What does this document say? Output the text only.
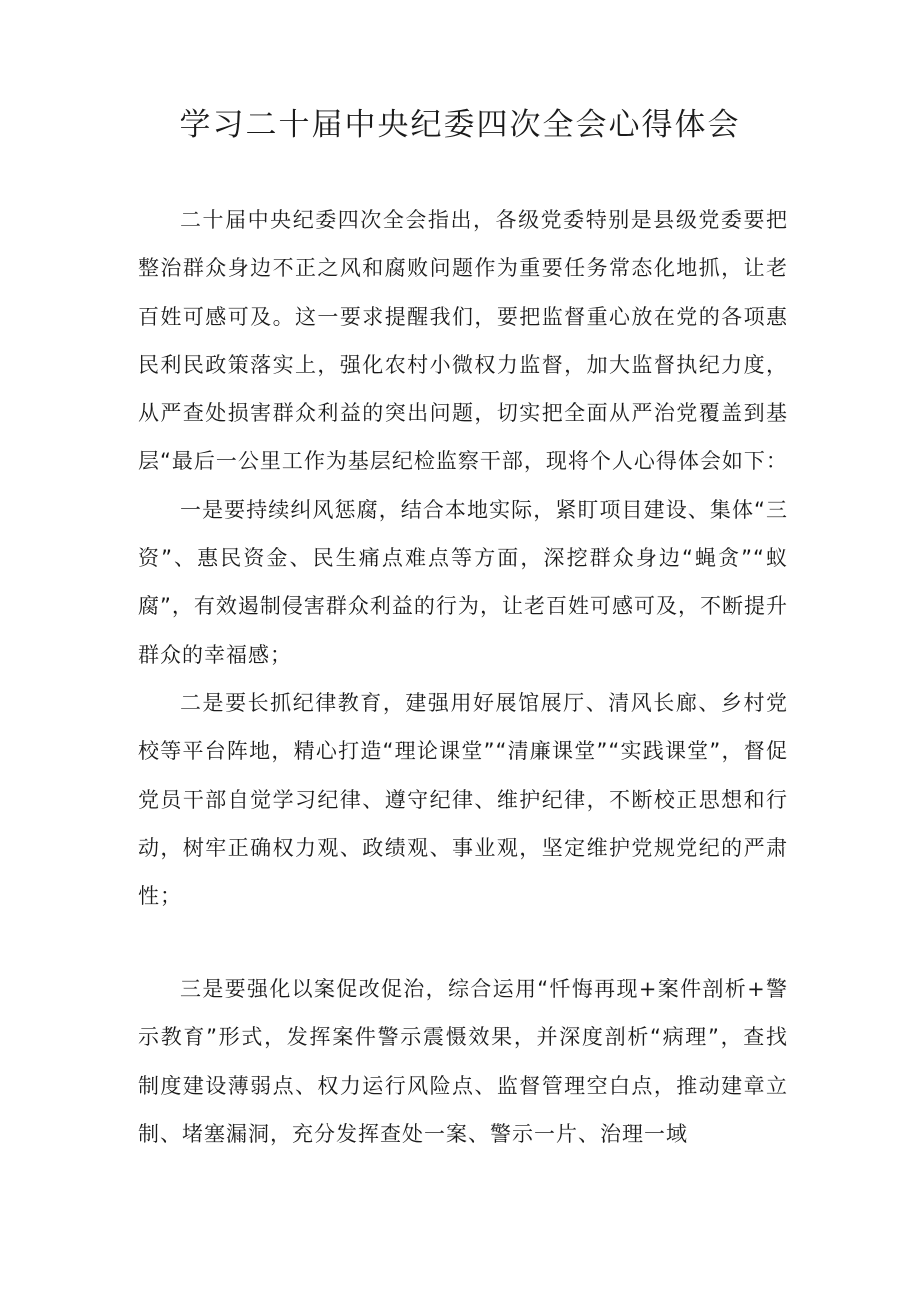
学习二十届中央纪委四次全会心得体会

二十届中央纪委四次全会指出，各级党委特别是县级党委要把整治群众身边不正之风和腐败问题作为重要任务常态化地抓，让老百姓可感可及。这一要求提醒我们，要把监督重心放在党的各项惠民利民政策落实上，强化农村小微权力监督，加大监督执纪力度，从严查处损害群众利益的突出问题，切实把全面从严治党覆盖到基层“最后一公里工作为基层纪检监察干部，现将个人心得体会如下：

一是要持续纠风惩腐，结合本地实际，紧盯项目建设、集体“三资”、惠民资金、民生痛点难点等方面，深挖群众身边“蝇贪”“蚁腐”，有效遏制侵害群众利益的行为，让老百姓可感可及，不断提升群众的幸福感；

二是要长抓纪律教育，建强用好展馆展厅、清风长廊、乡村党校等平台阵地，精心打造“理论课堂”“清廉课堂”“实践课堂”，督促党员干部自觉学习纪律、遵守纪律、维护纪律，不断校正思想和行动，树牢正确权力观、政绩观、事业观，坚定维护党规党纪的严肃性；

三是要强化以案促改促治，综合运用“忏悔再现+案件剖析+警示教育”形式，发挥案件警示震慑效果，并深度剖析“病理”，查找制度建设薄弱点、权力运行风险点、监督管理空白点，推动建章立制、堵塞漏洞，充分发挥查处一案、警示一片、治理一域
